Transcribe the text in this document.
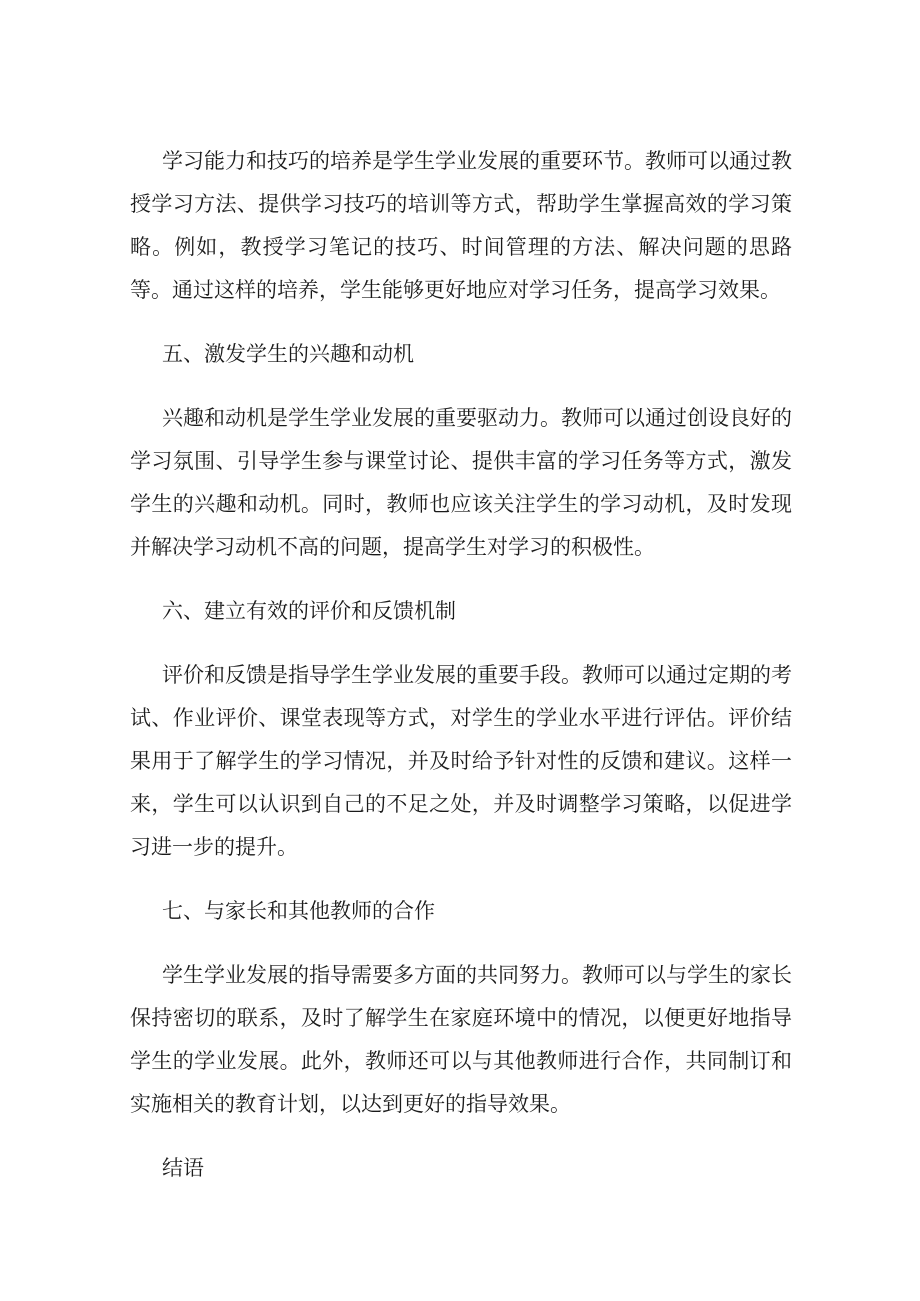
学习能力和技巧的培养是学生学业发展的重要环节。教师可以通过教授学习方法、提供学习技巧的培训等方式，帮助学生掌握高效的学习策略。例如，教授学习笔记的技巧、时间管理的方法、解决问题的思路等。通过这样的培养，学生能够更好地应对学习任务，提高学习效果。

五、激发学生的兴趣和动机

兴趣和动机是学生学业发展的重要驱动力。教师可以通过创设良好的学习氛围、引导学生参与课堂讨论、提供丰富的学习任务等方式，激发学生的兴趣和动机。同时，教师也应该关注学生的学习动机，及时发现并解决学习动机不高的问题，提高学生对学习的积极性。

六、建立有效的评价和反馈机制

评价和反馈是指导学生学业发展的重要手段。教师可以通过定期的考试、作业评价、课堂表现等方式，对学生的学业水平进行评估。评价结果用于了解学生的学习情况，并及时给予针对性的反馈和建议。这样一来，学生可以认识到自己的不足之处，并及时调整学习策略，以促进学习进一步的提升。

七、与家长和其他教师的合作

学生学业发展的指导需要多方面的共同努力。教师可以与学生的家长保持密切的联系，及时了解学生在家庭环境中的情况，以便更好地指导学生的学业发展。此外，教师还可以与其他教师进行合作，共同制订和实施相关的教育计划，以达到更好的指导效果。

结语
